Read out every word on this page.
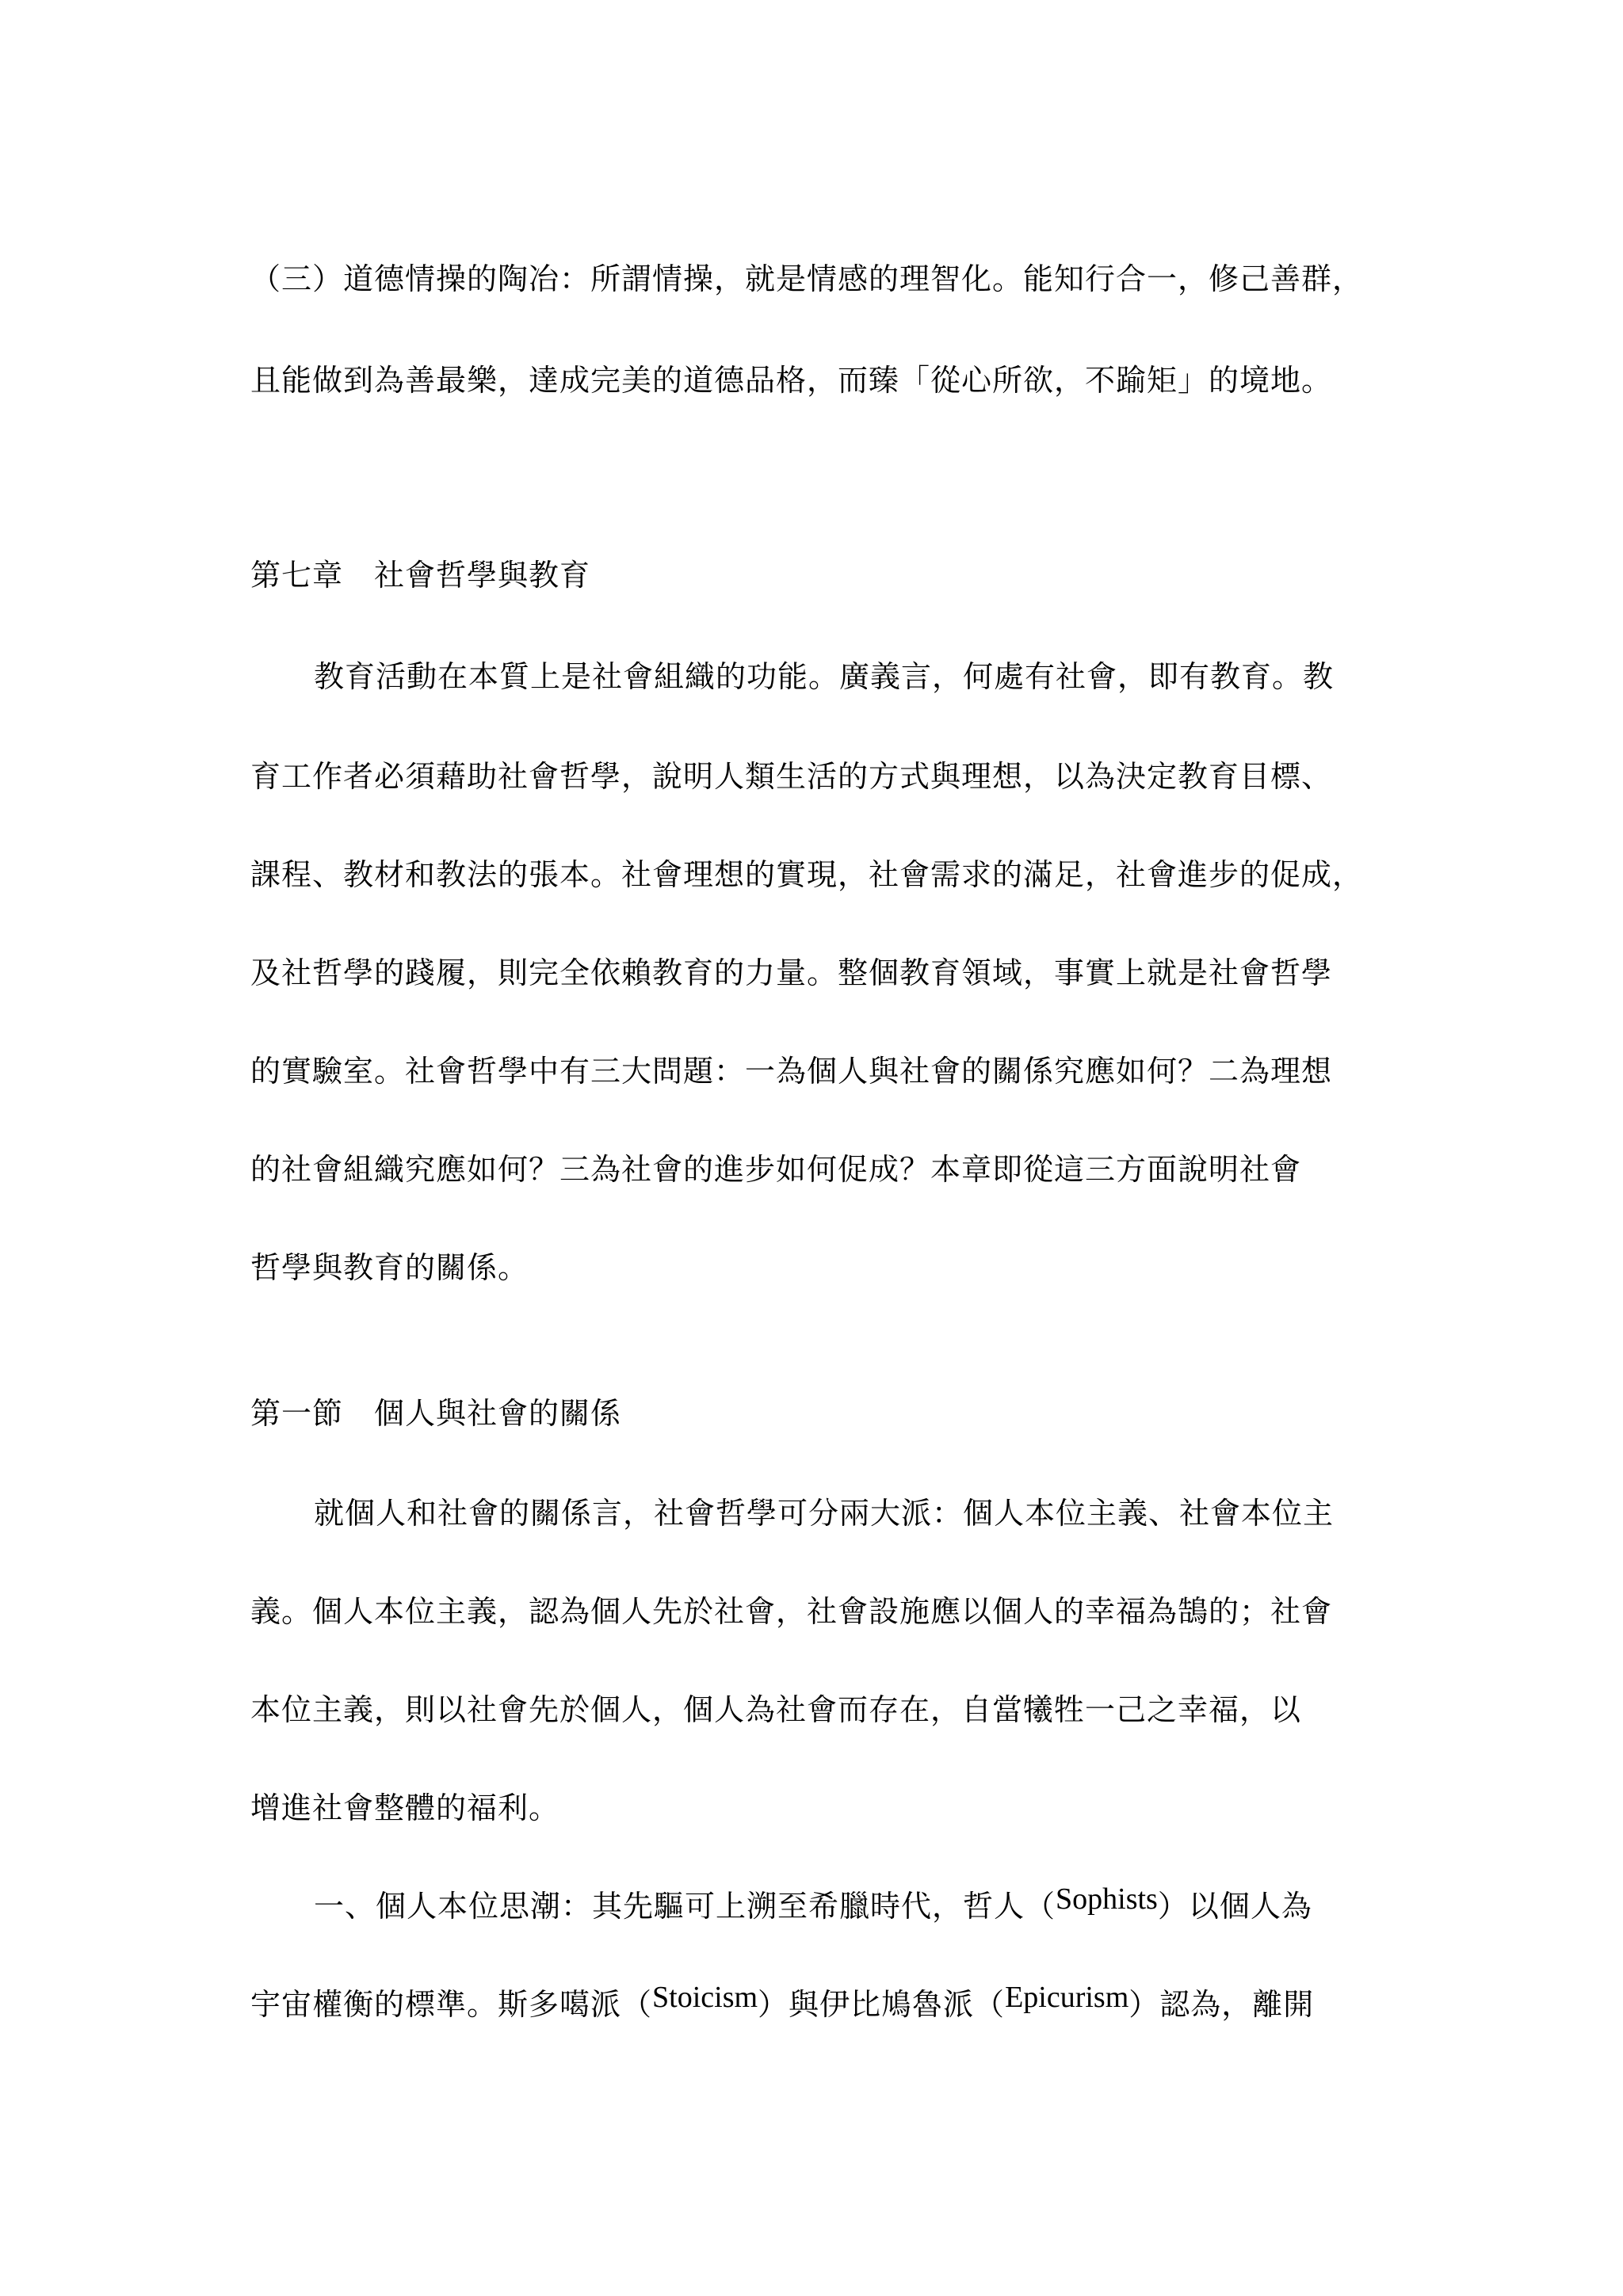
（三）道德情操的陶冶：所謂情操，就是情感的理智化。能知行合一，修己善群，
且能做到為善最樂，達成完美的道德品格，而臻「從心所欲，不踰矩」的境地。
第七章　社會哲學與教育
教育活動在本質上是社會組織的功能。廣義言，何處有社會，即有教育。教
育工作者必須藉助社會哲學，說明人類生活的方式與理想，以為決定教育目標、
課程、教材和教法的張本。社會理想的實現，社會需求的滿足，社會進步的促成，
及社哲學的踐履，則完全依賴教育的力量。整個教育領域，事實上就是社會哲學
的實驗室。社會哲學中有三大問題：一為個人與社會的關係究應如何？二為理想
的社會組織究應如何？三為社會的進步如何促成？本章即從這三方面說明社會
哲學與教育的關係。
第一節　個人與社會的關係
就個人和社會的關係言，社會哲學可分兩大派：個人本位主義、社會本位主
義。個人本位主義，認為個人先於社會，社會設施應以個人的幸福為鵠的；社會
本位主義，則以社會先於個人，個人為社會而存在，自當犧牲一己之幸福，以
增進社會整體的福利。
一、個人本位思潮：其先驅可上溯至希臘時代，哲人（Sophists）以個人為
宇宙權衡的標準。斯多噶派（Stoicism）與伊比鳩魯派（Epicurism）認為，離開
